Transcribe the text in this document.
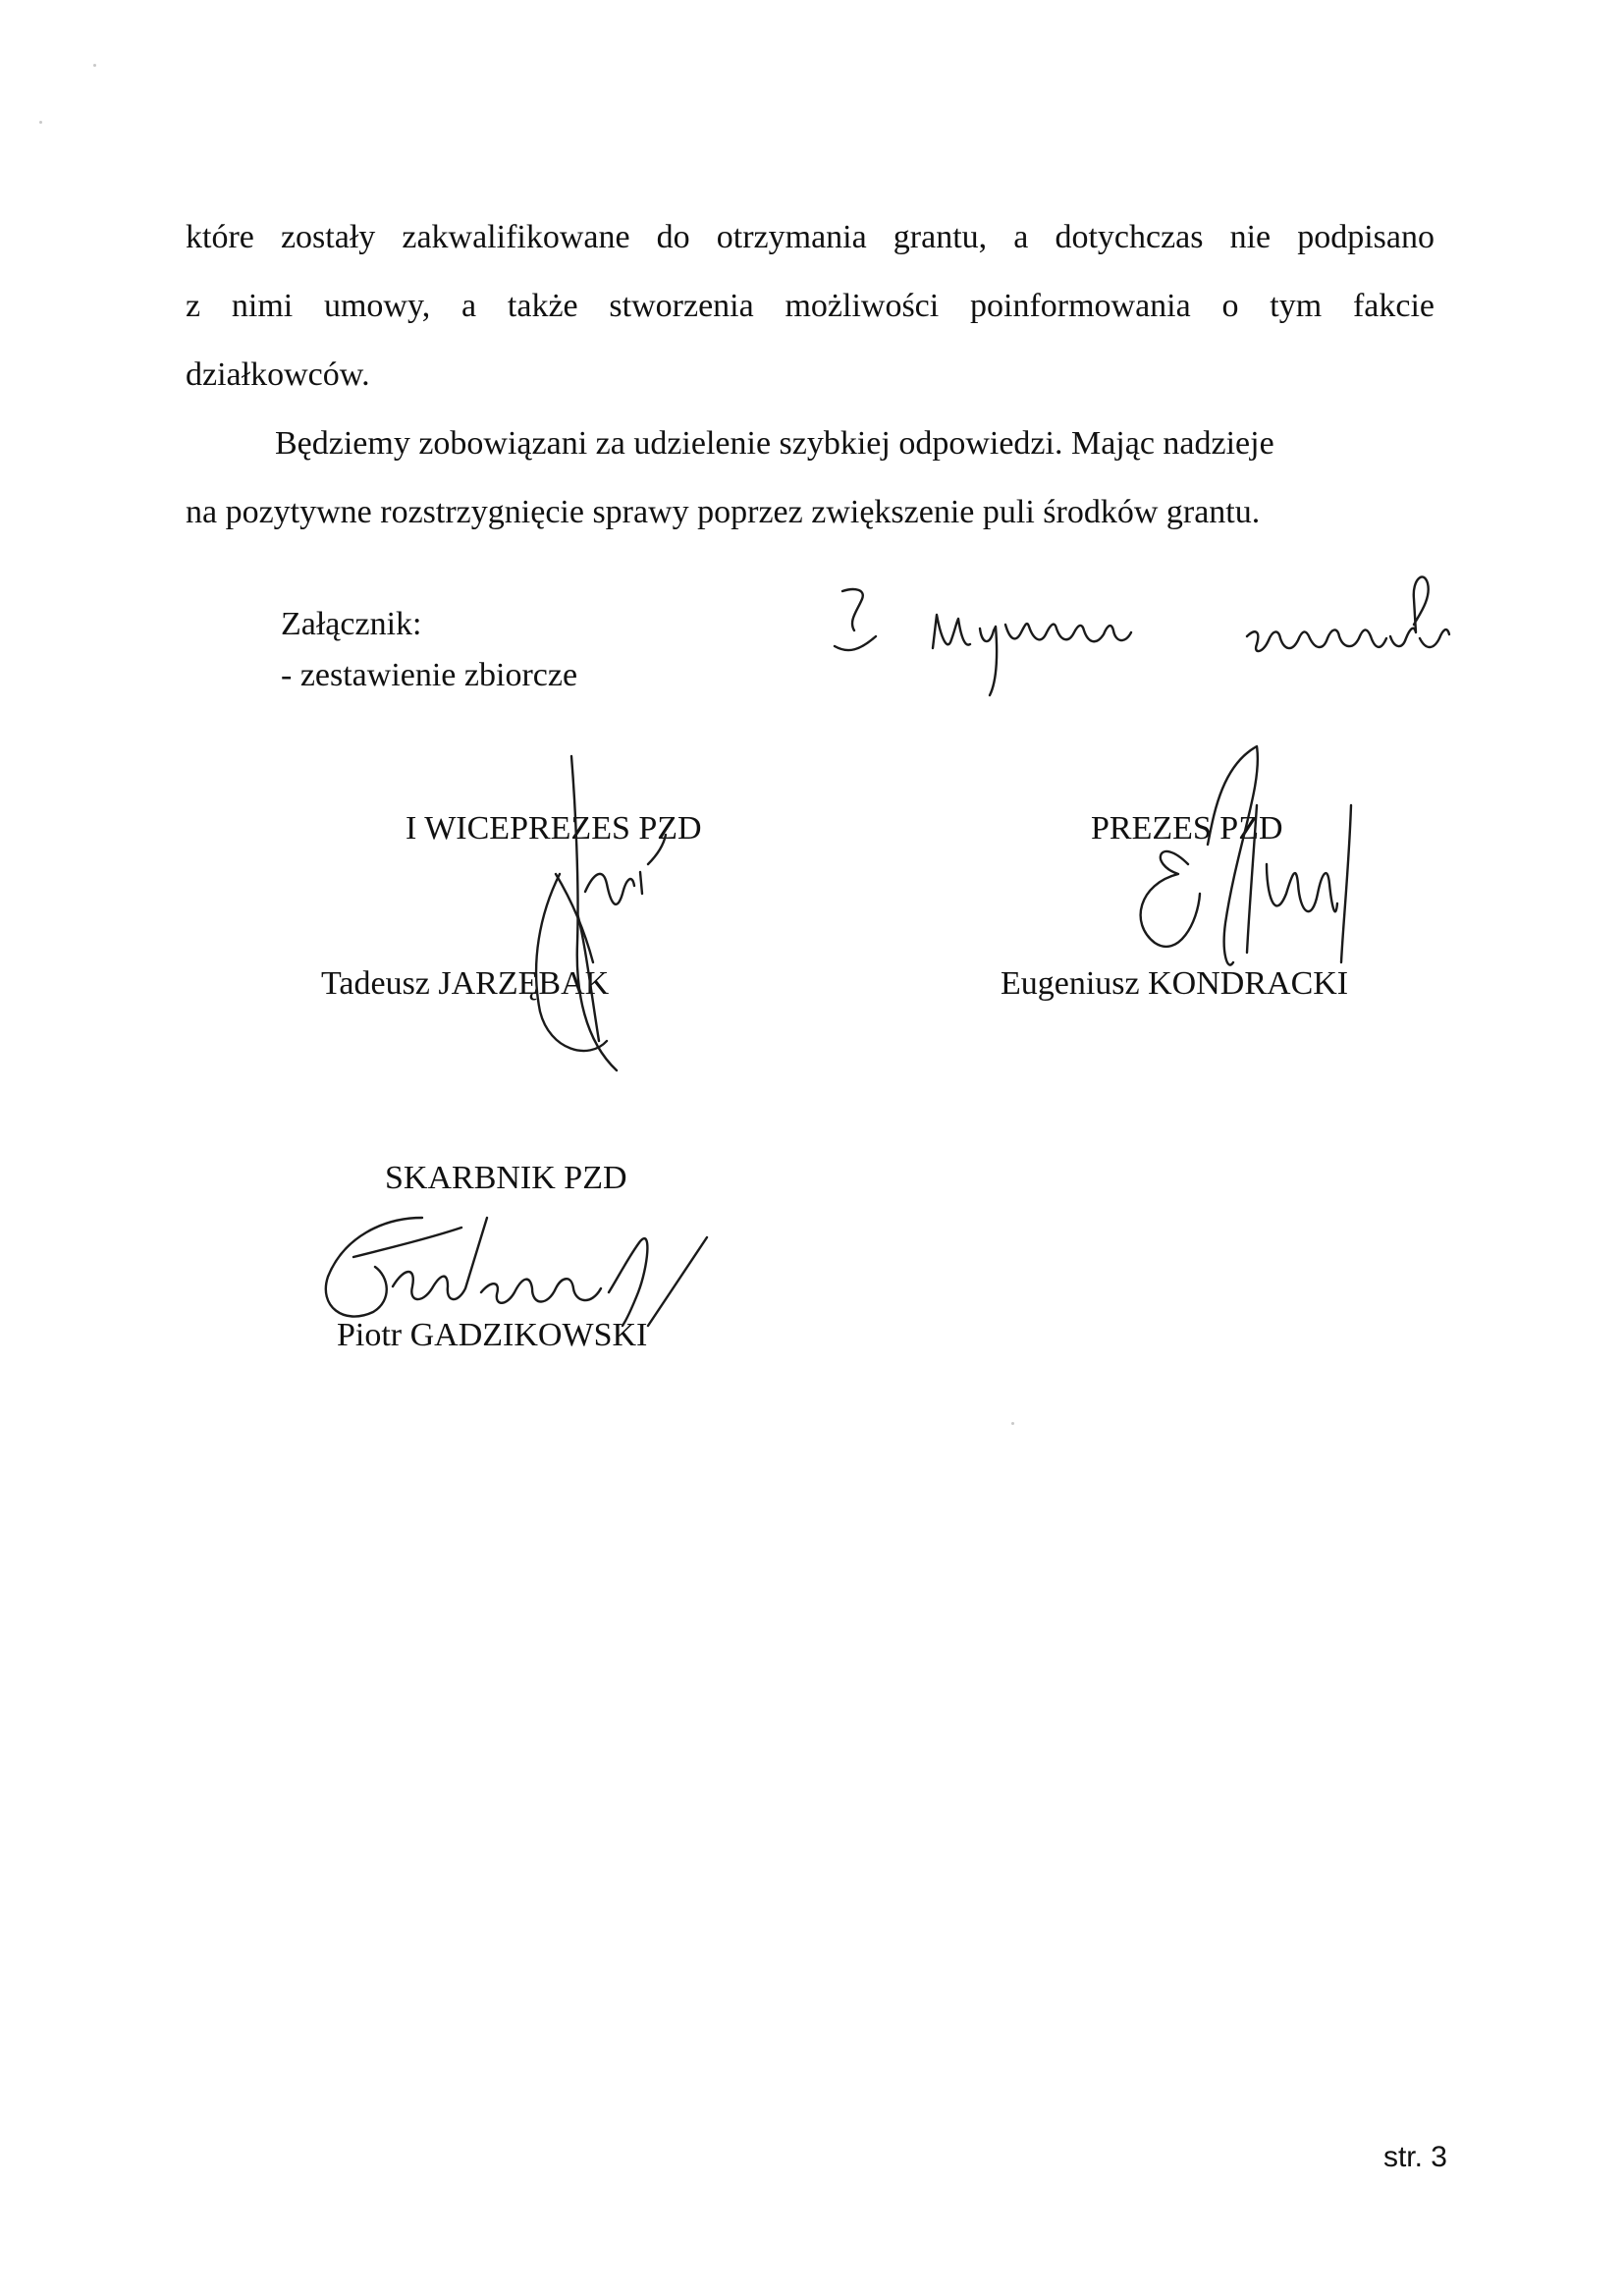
które zostały zakwalifikowane do otrzymania grantu, a dotychczas nie podpisano
z nimi umowy, a także stworzenia możliwości poinformowania o tym fakcie
działkowców.
Będziemy zobowiązani za udzielenie szybkiej odpowiedzi. Mając nadzieje
na pozytywne rozstrzygnięcie sprawy poprzez zwiększenie puli środków grantu.
Załącznik:
- zestawienie zbiorcze
I WICEPREZES PZD
Tadeusz JARZĘBAK
PREZES PZD
Eugeniusz KONDRACKI
SKARBNIK PZD
Piotr GADZIKOWSKI
str. 3
